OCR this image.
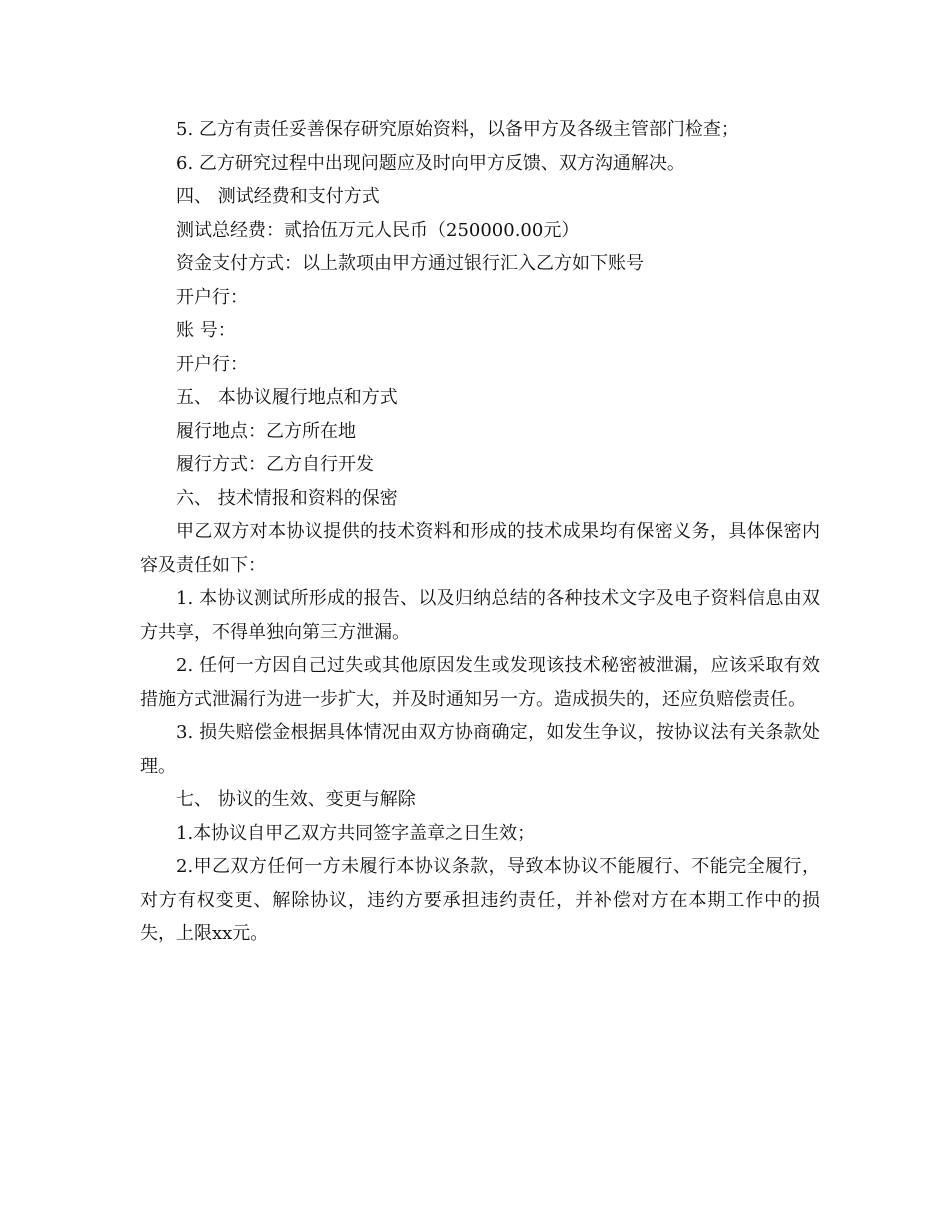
5. 乙方有责任妥善保存研究原始资料，以备甲方及各级主管部门检查；

6. 乙方研究过程中出现问题应及时向甲方反馈、双方沟通解决。

四、 测试经费和支付方式

测试总经费：贰拾伍万元人民币（250000.00元）

资金支付方式：以上款项由甲方通过银行汇入乙方如下账号

开户行：

账 号：

开户行：

五、 本协议履行地点和方式

履行地点：乙方所在地

履行方式：乙方自行开发

六、 技术情报和资料的保密

甲乙双方对本协议提供的技术资料和形成的技术成果均有保密义务，具体保密内容及责任如下：

1. 本协议测试所形成的报告、以及归纳总结的各种技术文字及电子资料信息由双方共享，不得单独向第三方泄漏。

2. 任何一方因自己过失或其他原因发生或发现该技术秘密被泄漏，应该采取有效措施方式泄漏行为进一步扩大，并及时通知另一方。造成损失的，还应负赔偿责任。

3. 损失赔偿金根据具体情况由双方协商确定，如发生争议，按协议法有关条款处理。

七、 协议的生效、变更与解除

1.本协议自甲乙双方共同签字盖章之日生效；

2.甲乙双方任何一方未履行本协议条款，导致本协议不能履行、不能完全履行，对方有权变更、解除协议，违约方要承担违约责任，并补偿对方在本期工作中的损失，上限xx元。
